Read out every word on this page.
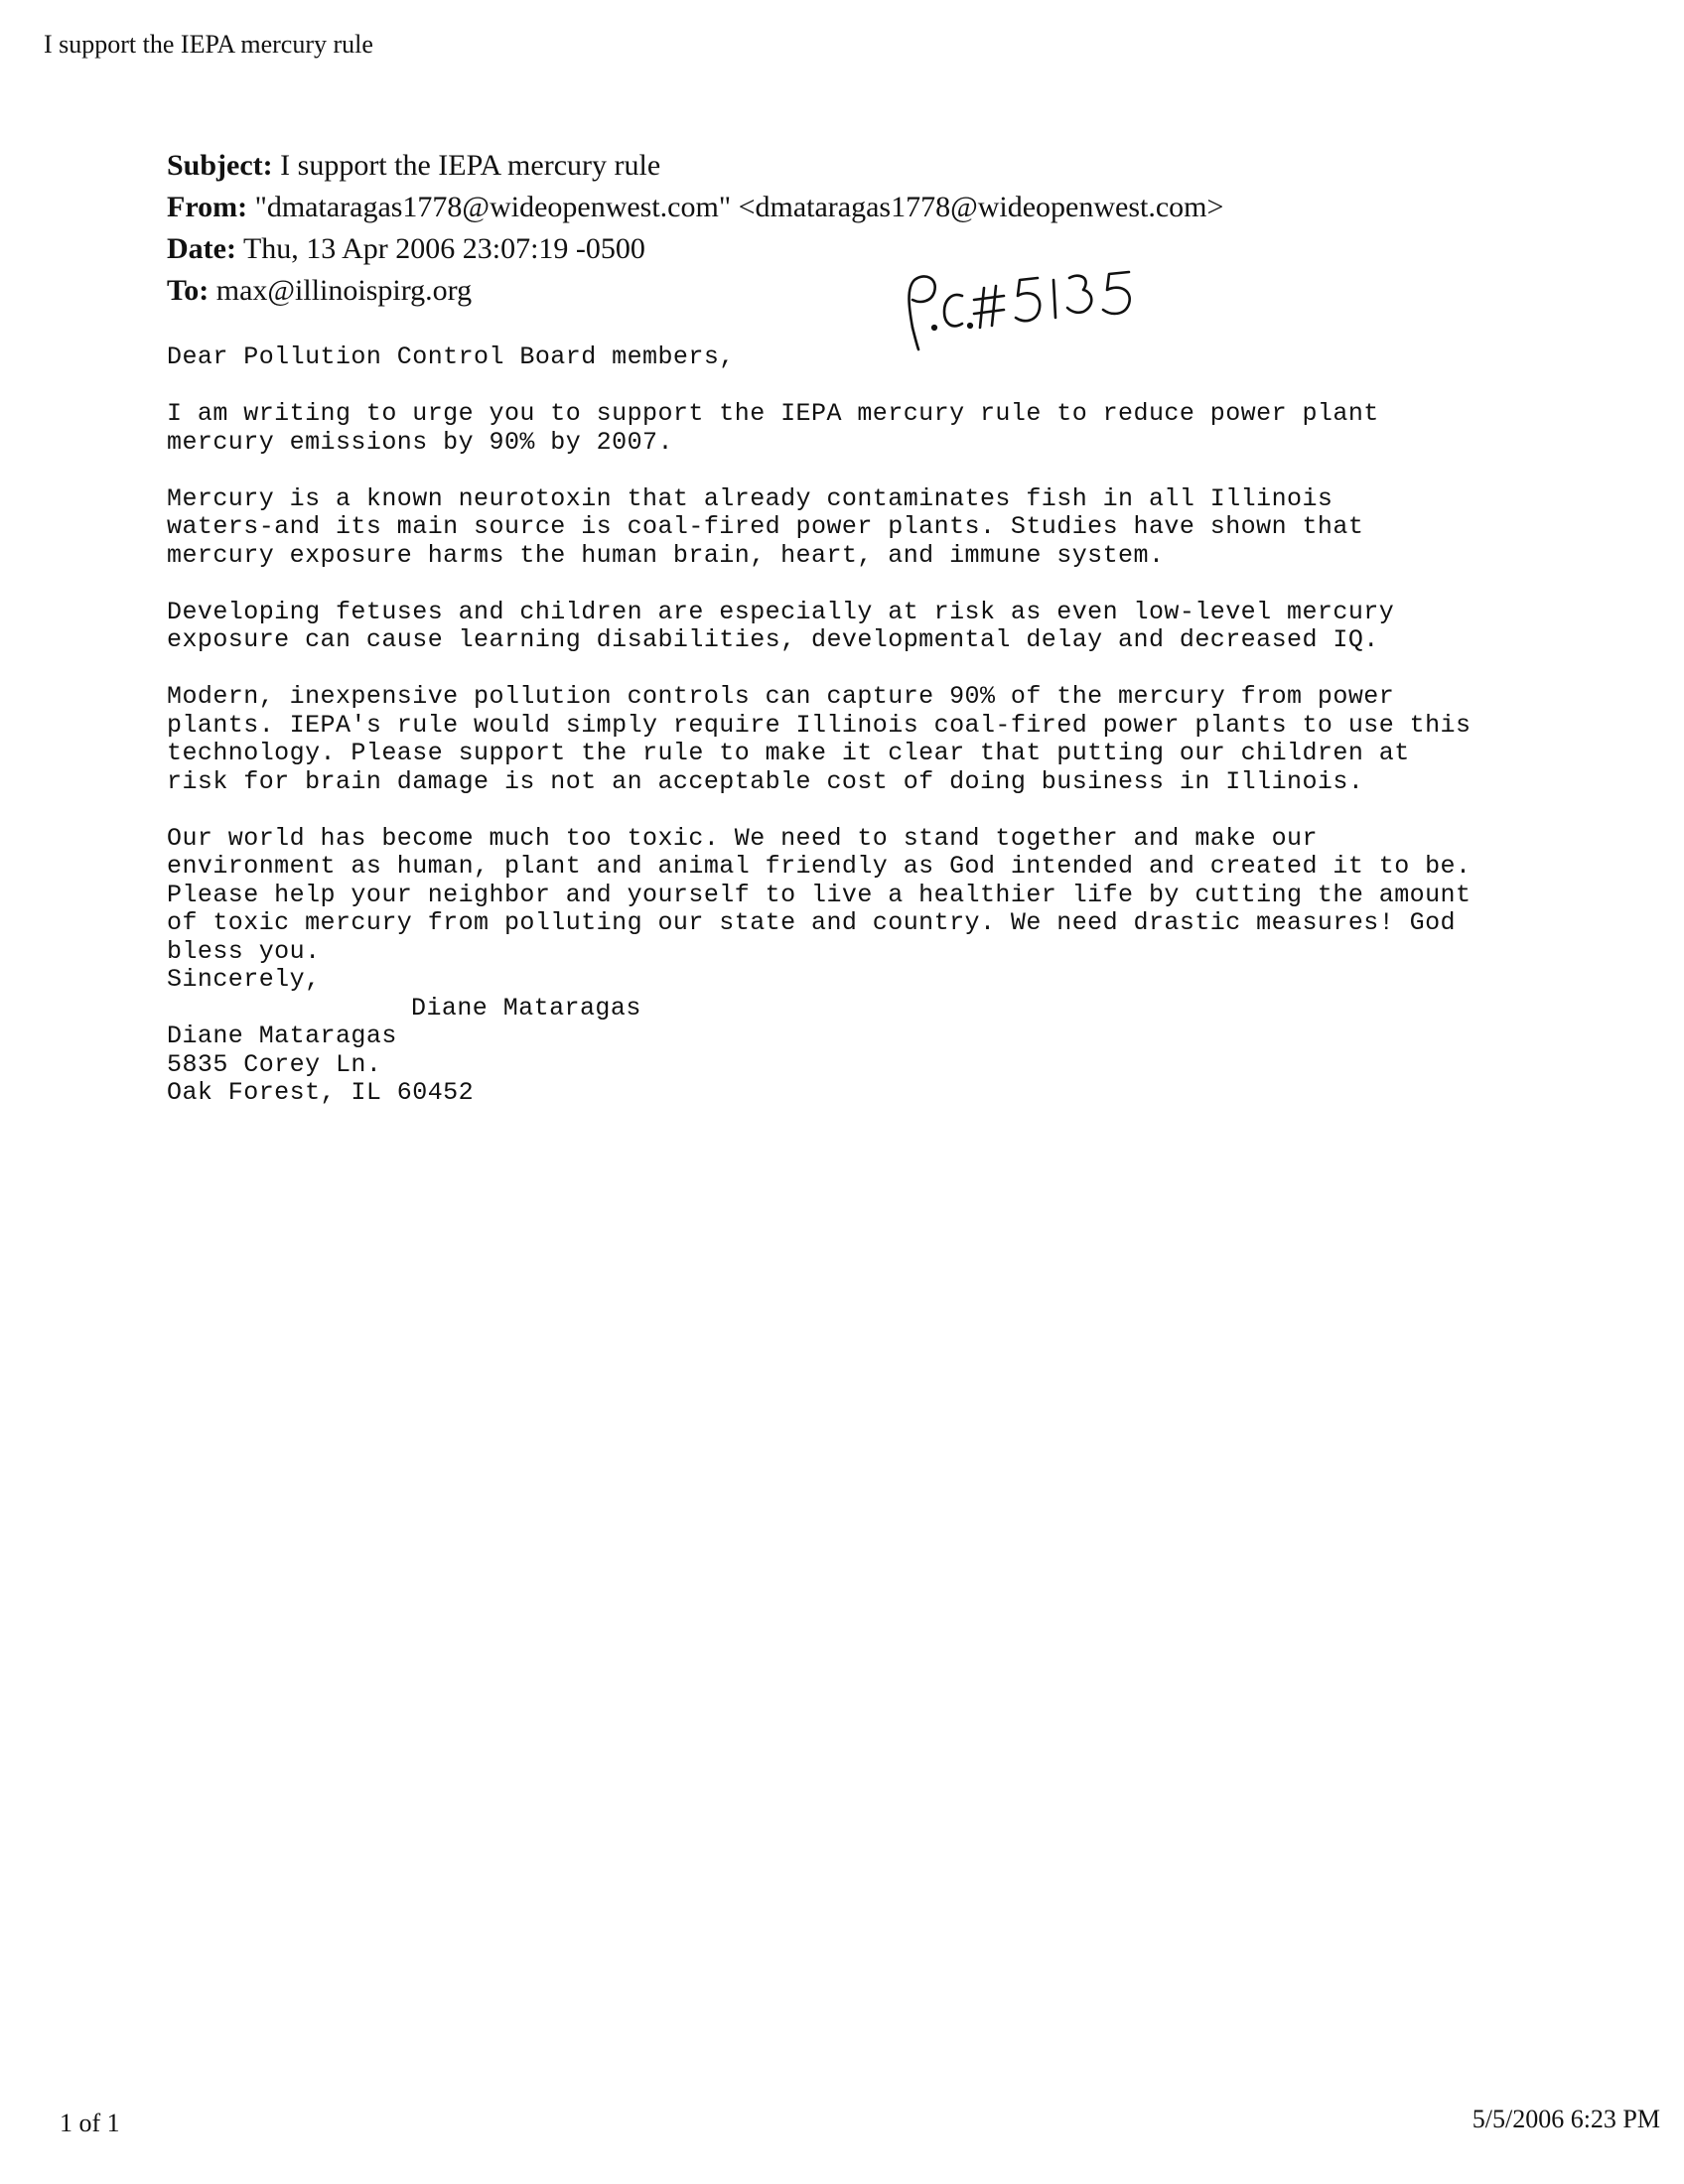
I support the IEPA mercury rule
Subject: I support the IEPA mercury rule
From: "dmataragas1778@wideopenwest.com" <dmataragas1778@wideopenwest.com>
Date: Thu, 13 Apr 2006 23:07:19 -0500
To: max@illinoispirg.org

Dear Pollution Control Board members,

I am writing to urge you to support the IEPA mercury rule to reduce power plant
mercury emissions by 90% by 2007.

Mercury is a known neurotoxin that already contaminates fish in all Illinois
waters-and its main source is coal-fired power plants. Studies have shown that
mercury exposure harms the human brain, heart, and immune system.

Developing fetuses and children are especially at risk as even low-level mercury
exposure can cause learning disabilities, developmental delay and decreased IQ.

Modern, inexpensive pollution controls can capture 90% of the mercury from power
plants. IEPA's rule would simply require Illinois coal-fired power plants to use this
technology. Please support the rule to make it clear that putting our children at
risk for brain damage is not an acceptable cost of doing business in Illinois.

Our world has become much too toxic. We need to stand together and make our
environment as human, plant and animal friendly as God intended and created it to be.
Please help your neighbor and yourself to live a healthier life by cutting the amount
of toxic mercury from polluting our state and country. We need drastic measures! God
bless you.

Sincerely,

Diane Mataragas

Diane Mataragas

5835 Corey Ln.

Oak Forest, IL 60452

1 of 1	5/5/2006 6:23 PM
